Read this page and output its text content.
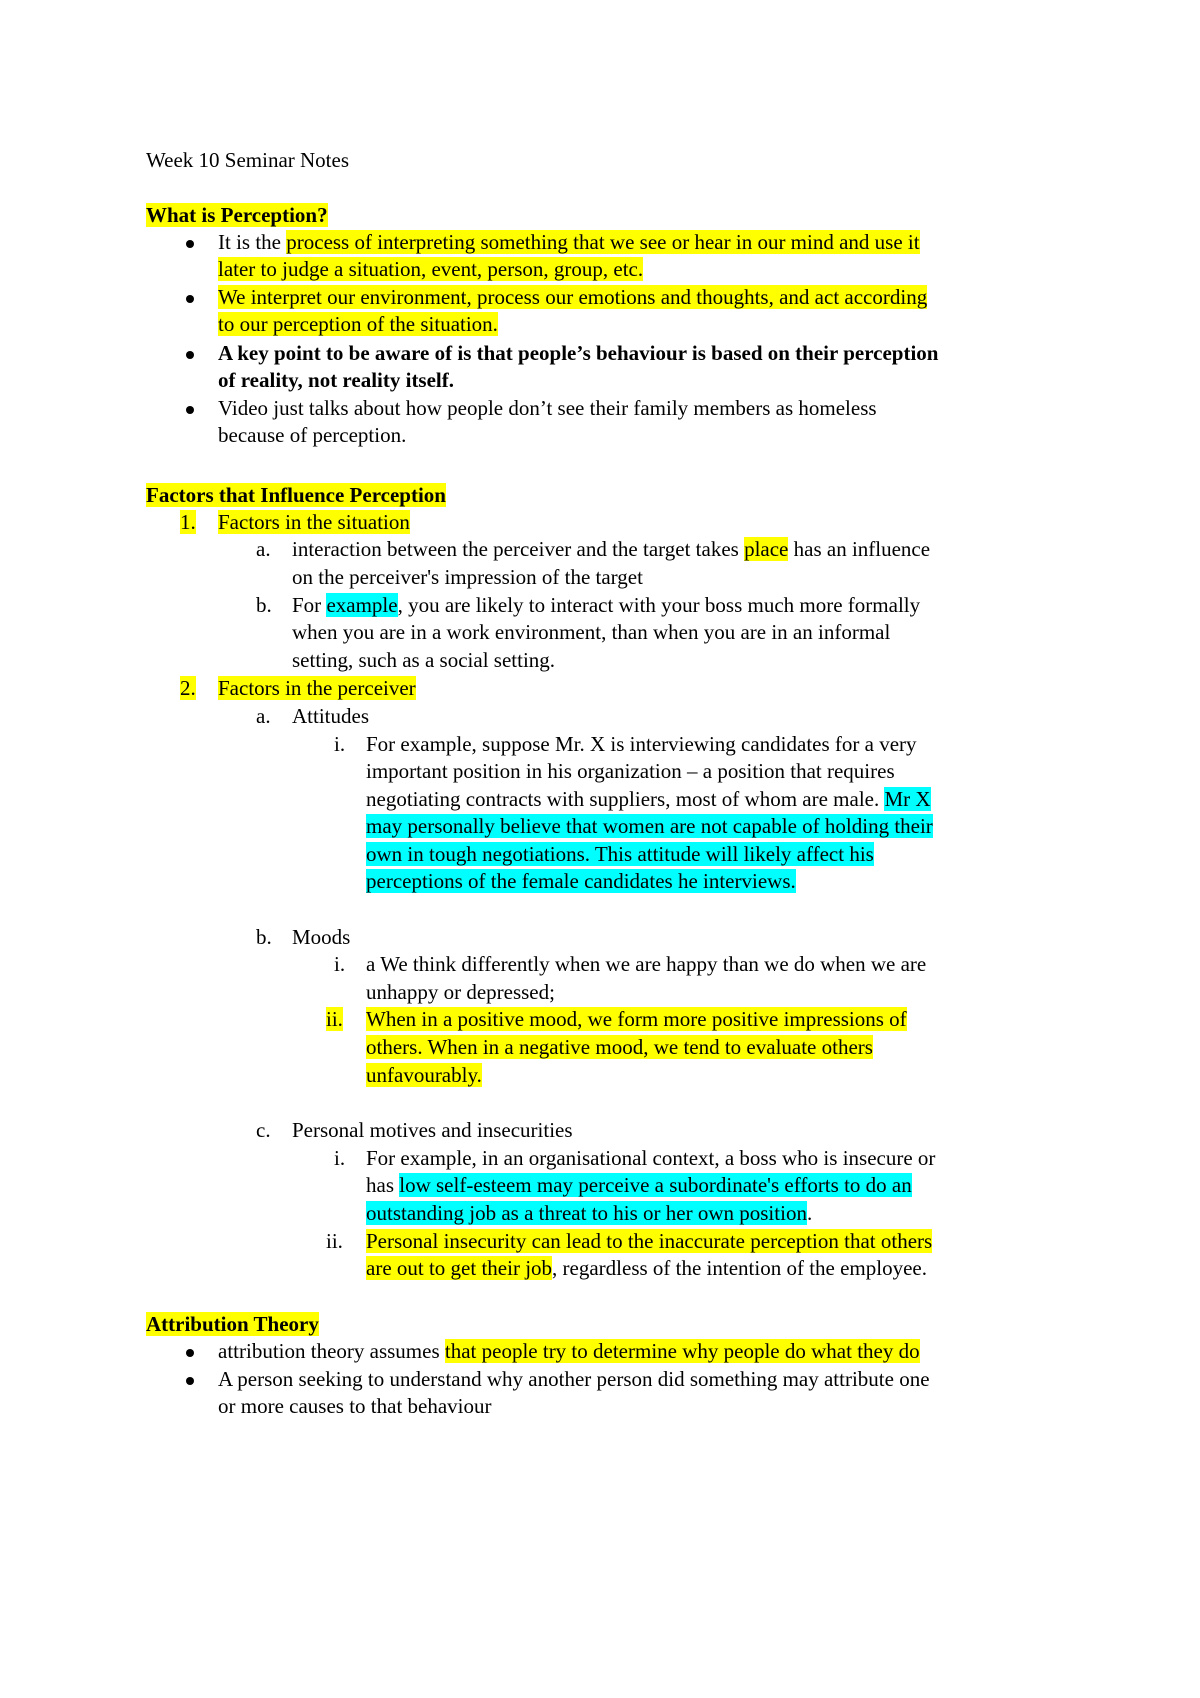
Week 10 Seminar Notes
What is Perception?
It is the process of interpreting something that we see or hear in our mind and use it
later to judge a situation, event, person, group, etc.
We interpret our environment, process our emotions and thoughts, and act according
to our perception of the situation.
A key point to be aware of is that people’s behaviour is based on their perception
of reality, not reality itself.
Video just talks about how people don’t see their family members as homeless
because of perception.
Factors that Influence Perception
1. Factors in the situation
a. interaction between the perceiver and the target takes place has an influence
on the perceiver's impression of the target
b. For example, you are likely to interact with your boss much more formally
when you are in a work environment, than when you are in an informal
setting, such as a social setting.
2. Factors in the perceiver
a. Attitudes
i. For example, suppose Mr. X is interviewing candidates for a very
important position in his organization – a position that requires
negotiating contracts with suppliers, most of whom are male. Mr X
may personally believe that women are not capable of holding their
own in tough negotiations. This attitude will likely affect his
perceptions of the female candidates he interviews.
b. Moods
i. a We think differently when we are happy than we do when we are
unhappy or depressed;
ii. When in a positive mood, we form more positive impressions of
others. When in a negative mood, we tend to evaluate others
unfavourably.
c. Personal motives and insecurities
i. For example, in an organisational context, a boss who is insecure or
has low self-esteem may perceive a subordinate's efforts to do an
outstanding job as a threat to his or her own position.
ii. Personal insecurity can lead to the inaccurate perception that others
are out to get their job, regardless of the intention of the employee.
Attribution Theory
attribution theory assumes that people try to determine why people do what they do
A person seeking to understand why another person did something may attribute one
or more causes to that behaviour
